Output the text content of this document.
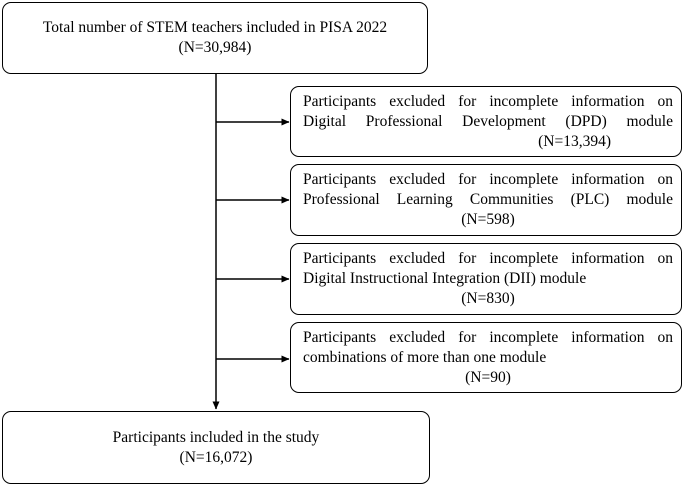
Total number of STEM teachers included in PISA 2022
(N=30,984)
Participants excluded for incomplete information on
Digital Professional Development (DPD) module
(N=13,394)
Participants excluded for incomplete information on
Professional Learning Communities (PLC) module
(N=598)
Participants excluded for incomplete information on
Digital Instructional Integration (DII) module
(N=830)
Participants excluded for incomplete information on
combinations of more than one module
(N=90)
Participants included in the study
(N=16,072)
